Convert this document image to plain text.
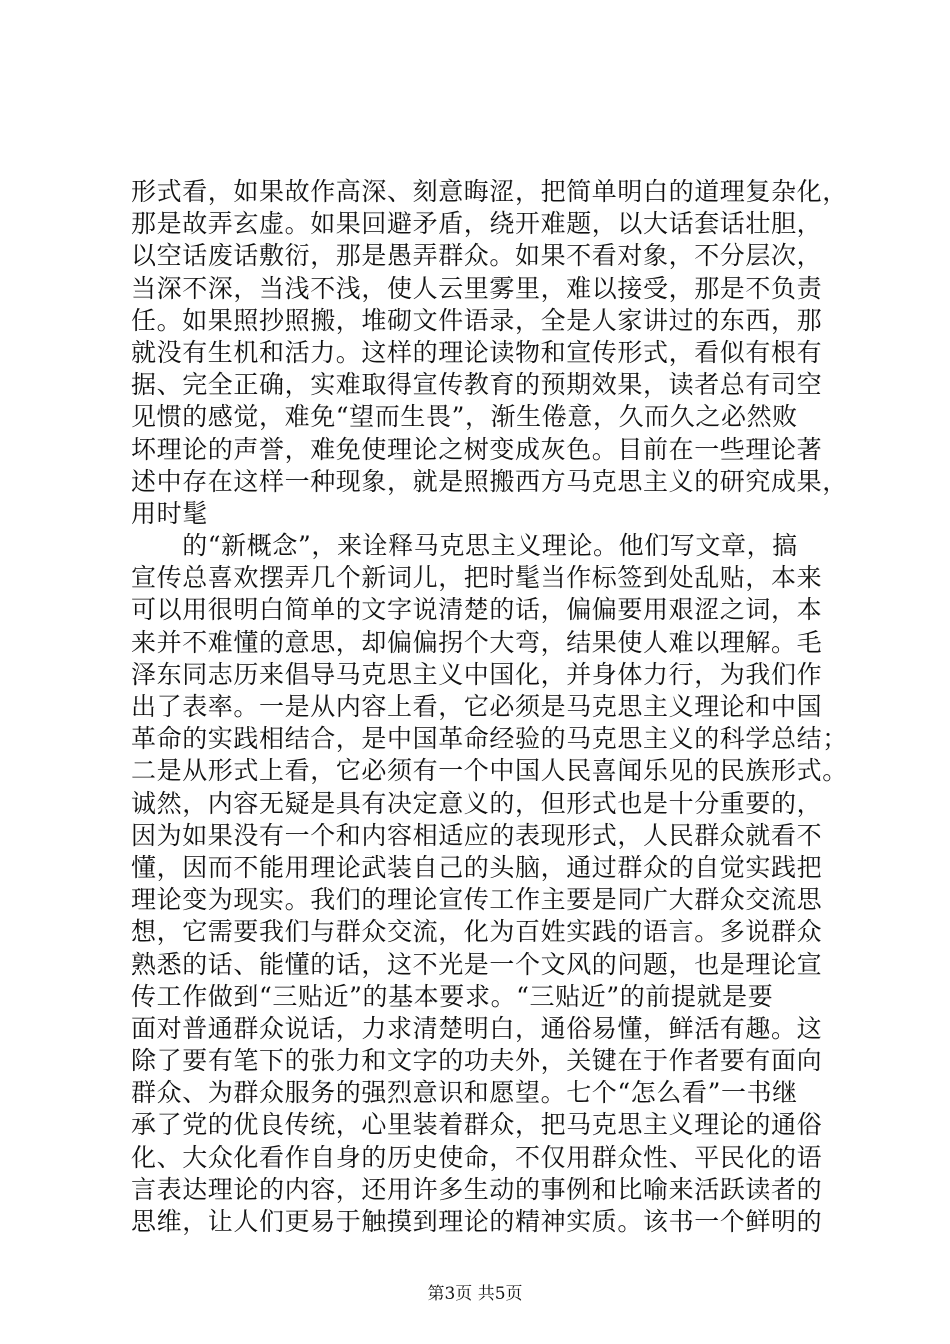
形式看，如果故作高深、刻意晦涩，把简单明白的道理复杂化，
那是故弄玄虚。如果回避矛盾，绕开难题，以大话套话壮胆，
以空话废话敷衍，那是愚弄群众。如果不看对象，不分层次，
当深不深，当浅不浅，使人云里雾里，难以接受，那是不负责
任。如果照抄照搬，堆砌文件语录，全是人家讲过的东西，那
就没有生机和活力。这样的理论读物和宣传形式，看似有根有
据、完全正确，实难取得宣传教育的预期效果，读者总有司空
见惯的感觉，难免“望而生畏”，渐生倦意，久而久之必然败
坏理论的声誉，难免使理论之树变成灰色。目前在一些理论著
述中存在这样一种现象，就是照搬西方马克思主义的研究成果，
用时髦
　　的“新概念”，来诠释马克思主义理论。他们写文章，搞
宣传总喜欢摆弄几个新词儿，把时髦当作标签到处乱贴，本来
可以用很明白简单的文字说清楚的话，偏偏要用艰涩之词，本
来并不难懂的意思，却偏偏拐个大弯，结果使人难以理解。毛
泽东同志历来倡导马克思主义中国化，并身体力行，为我们作
出了表率。一是从内容上看，它必须是马克思主义理论和中国
革命的实践相结合，是中国革命经验的马克思主义的科学总结；
二是从形式上看，它必须有一个中国人民喜闻乐见的民族形式。
诚然，内容无疑是具有决定意义的，但形式也是十分重要的，
因为如果没有一个和内容相适应的表现形式，人民群众就看不
懂，因而不能用理论武装自己的头脑，通过群众的自觉实践把
理论变为现实。我们的理论宣传工作主要是同广大群众交流思
想，它需要我们与群众交流，化为百姓实践的语言。多说群众
熟悉的话、能懂的话，这不光是一个文风的问题，也是理论宣
传工作做到“三贴近”的基本要求。“三贴近”的前提就是要
面对普通群众说话，力求清楚明白，通俗易懂，鲜活有趣。这
除了要有笔下的张力和文字的功夫外，关键在于作者要有面向
群众、为群众服务的强烈意识和愿望。七个“怎么看”一书继
承了党的优良传统，心里装着群众，把马克思主义理论的通俗
化、大众化看作自身的历史使命，不仅用群众性、平民化的语
言表达理论的内容，还用许多生动的事例和比喻来活跃读者的
思维，让人们更易于触摸到理论的精神实质。该书一个鲜明的
第3页 共5页
